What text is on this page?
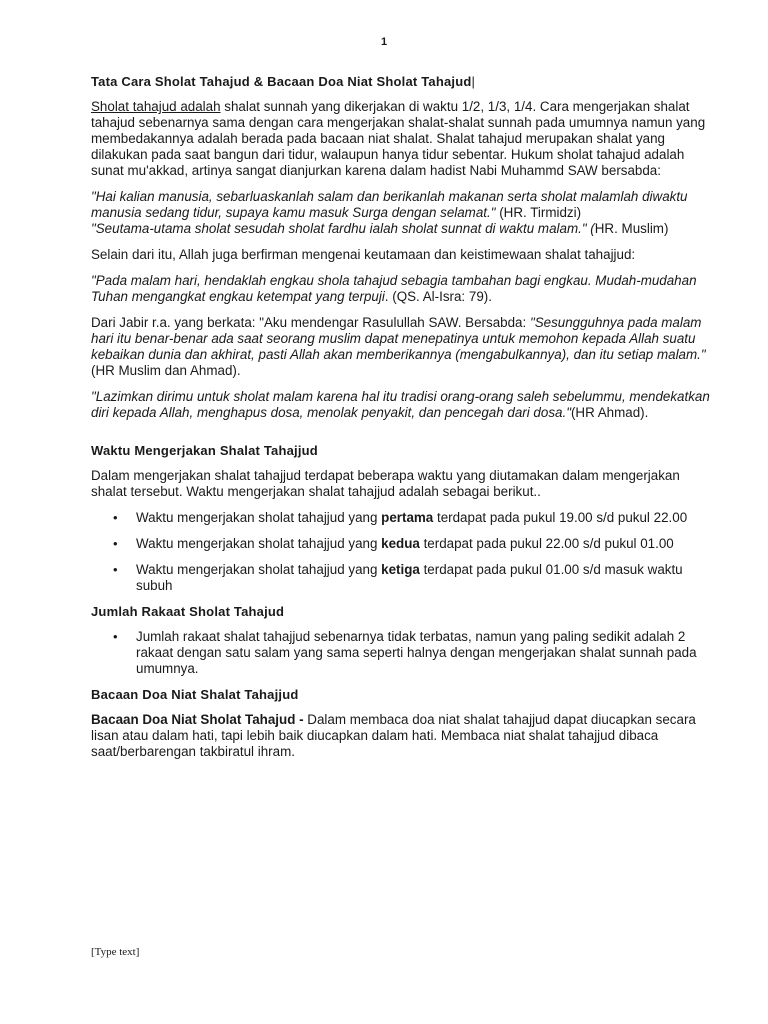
1
Tata Cara Sholat Tahajud & Bacaan Doa Niat Sholat Tahajud|

Sholat tahajud adalah shalat sunnah yang dikerjakan di waktu 1/2, 1/3, 1/4. Cara mengerjakan shalat tahajud sebenarnya sama dengan cara mengerjakan shalat-shalat sunnah pada umumnya namun yang membedakannya adalah berada pada bacaan niat shalat. Shalat tahajud merupakan shalat yang dilakukan pada saat bangun dari tidur, walaupun hanya tidur sebentar. Hukum sholat tahajud adalah sunat mu'akkad, artinya sangat dianjurkan karena dalam hadist Nabi Muhammd SAW bersabda:

"Hai kalian manusia, sebarluaskanlah salam dan berikanlah makanan serta sholat malamlah diwaktu manusia sedang tidur, supaya kamu masuk Surga dengan selamat." (HR. Tirmidzi)
"Seutama-utama sholat sesudah sholat fardhu ialah sholat sunnat di waktu malam." (HR. Muslim)

Selain dari itu, Allah juga berfirman mengenai keutamaan dan keistimewaan shalat tahajjud:

"Pada malam hari, hendaklah engkau shola tahajud sebagia tambahan bagi engkau. Mudah-mudahan Tuhan mengangkat engkau ketempat yang terpuji. (QS. Al-Isra: 79).

Dari Jabir r.a. yang berkata: "Aku mendengar Rasulullah SAW. Bersabda: "Sesungguhnya pada malam hari itu benar-benar ada saat seorang muslim dapat menepatinya untuk memohon kepada Allah suatu kebaikan dunia dan akhirat, pasti Allah akan memberikannya (mengabulkannya), dan itu setiap malam." (HR Muslim dan Ahmad).

"Lazimkan dirimu untuk sholat malam karena hal itu tradisi orang-orang saleh sebelummu, mendekatkan diri kepada Allah, menghapus dosa, menolak penyakit, dan pencegah dari dosa."(HR Ahmad).

Waktu Mengerjakan Shalat Tahajjud

Dalam mengerjakan shalat tahajjud terdapat beberapa waktu yang diutamakan dalam mengerjakan shalat tersebut. Waktu mengerjakan shalat tahajjud adalah sebagai berikut..

• Waktu mengerjakan sholat tahajjud yang pertama terdapat pada pukul 19.00 s/d pukul 22.00
• Waktu mengerjakan sholat tahajjud yang kedua terdapat pada pukul 22.00 s/d pukul 01.00
• Waktu mengerjakan sholat tahajjud yang ketiga terdapat pada pukul 01.00 s/d masuk waktu subuh
Jumlah Rakaat Sholat Tahajud
• Jumlah rakaat shalat tahajjud sebenarnya tidak terbatas, namun yang paling sedikit adalah 2 rakaat dengan satu salam yang sama seperti halnya dengan mengerjakan shalat sunnah pada umumnya.
Bacaan Doa Niat Shalat Tahajjud

Bacaan Doa Niat Sholat Tahajud - Dalam membaca doa niat shalat tahajjud dapat diucapkan secara lisan atau dalam hati, tapi lebih baik diucapkan dalam hati. Membaca niat shalat tahajjud dibaca saat/berbarengan takbiratul ihram.

[Type text]
